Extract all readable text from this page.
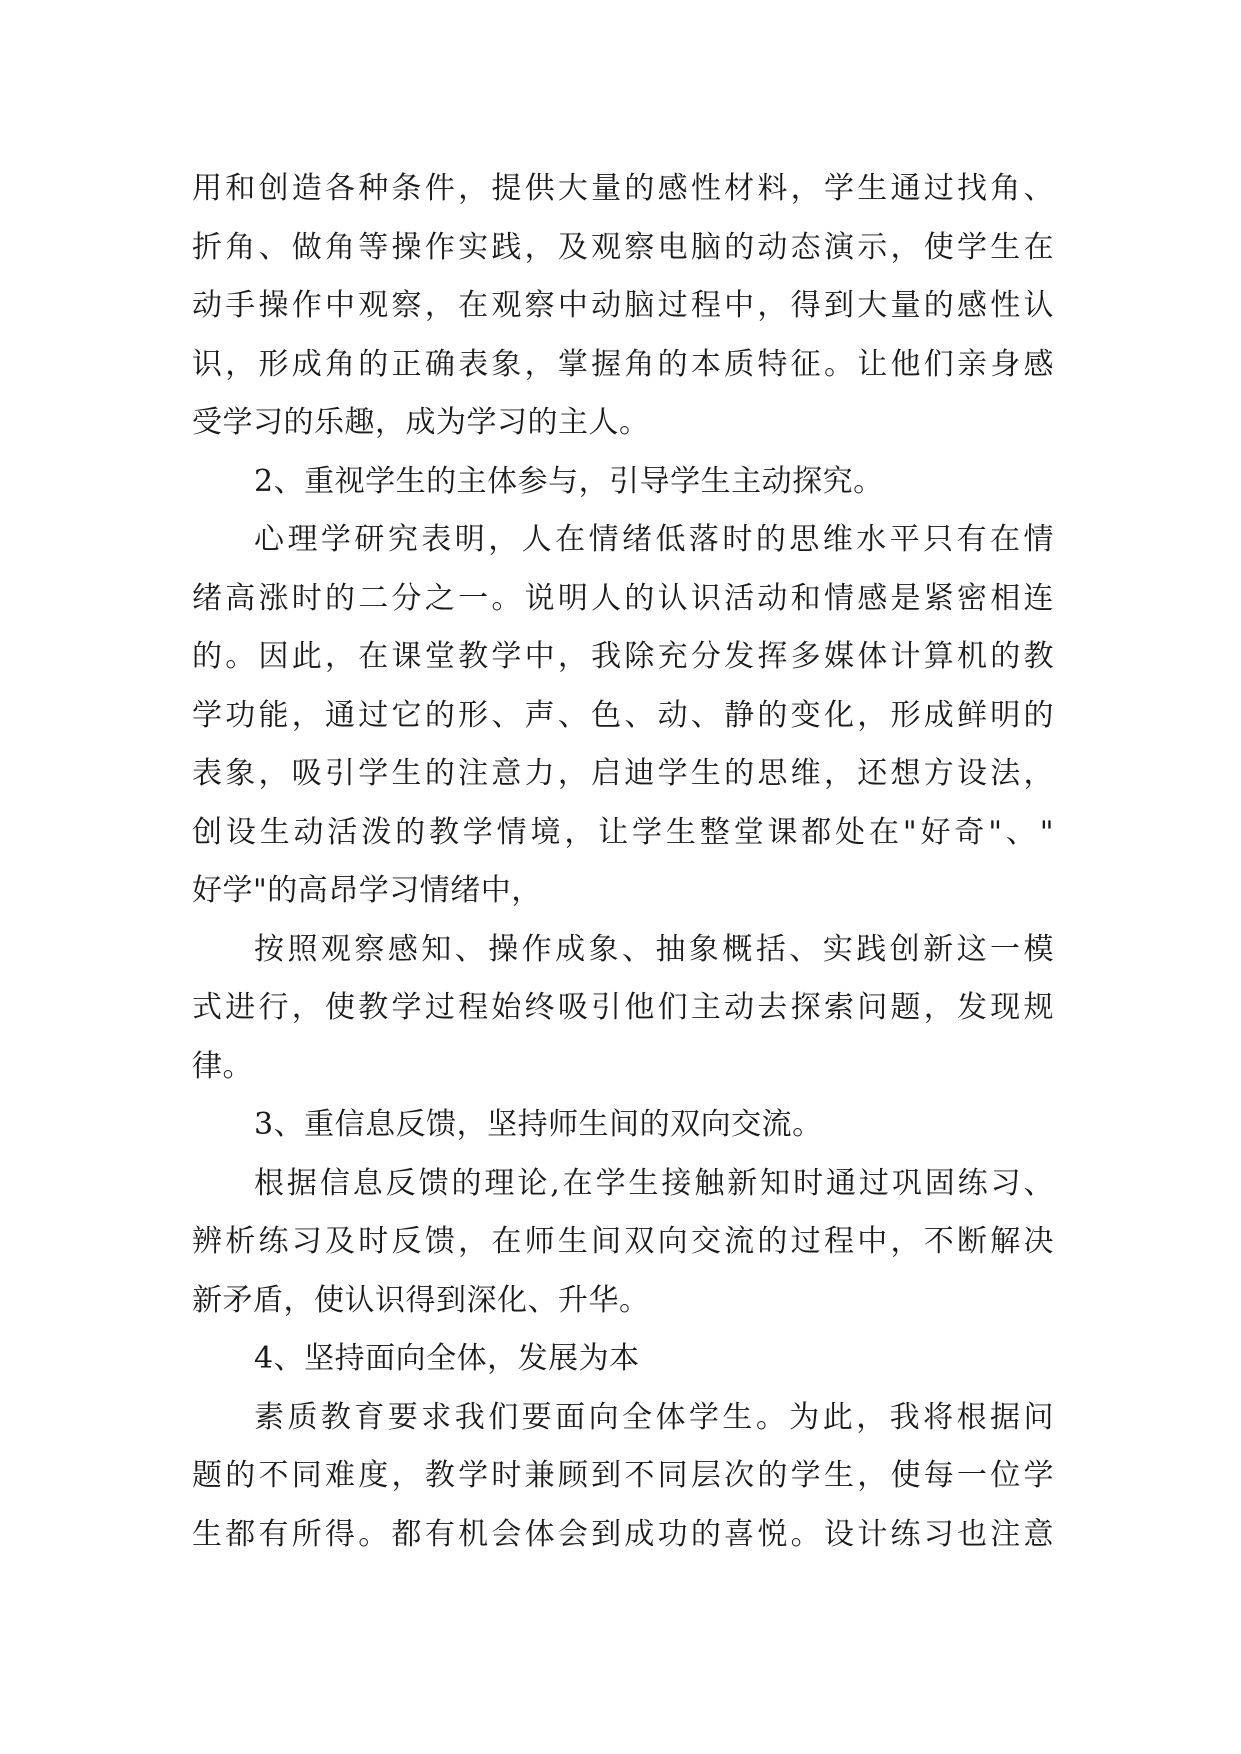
用和创造各种条件，提供大量的感性材料，学生通过找角、
折角、做角等操作实践，及观察电脑的动态演示，使学生在
动手操作中观察，在观察中动脑过程中，得到大量的感性认
识，形成角的正确表象，掌握角的本质特征。让他们亲身感
受学习的乐趣，成为学习的主人。
2、重视学生的主体参与，引导学生主动探究。
心理学研究表明，人在情绪低落时的思维水平只有在情
绪高涨时的二分之一。说明人的认识活动和情感是紧密相连
的。因此，在课堂教学中，我除充分发挥多媒体计算机的教
学功能，通过它的形、声、色、动、静的变化，形成鲜明的
表象，吸引学生的注意力，启迪学生的思维，还想方设法，
创设生动活泼的教学情境，让学生整堂课都处在"好奇"、"
好学"的高昂学习情绪中，
按照观察感知、操作成象、抽象概括、实践创新这一模
式进行，使教学过程始终吸引他们主动去探索问题，发现规
律。
3、重信息反馈，坚持师生间的双向交流。
根据信息反馈的理论,在学生接触新知时通过巩固练习、
辨析练习及时反馈，在师生间双向交流的过程中，不断解决
新矛盾，使认识得到深化、升华。
4、坚持面向全体，发展为本
素质教育要求我们要面向全体学生。为此，我将根据问
题的不同难度，教学时兼顾到不同层次的学生，使每一位学
生都有所得。都有机会体会到成功的喜悦。设计练习也注意
